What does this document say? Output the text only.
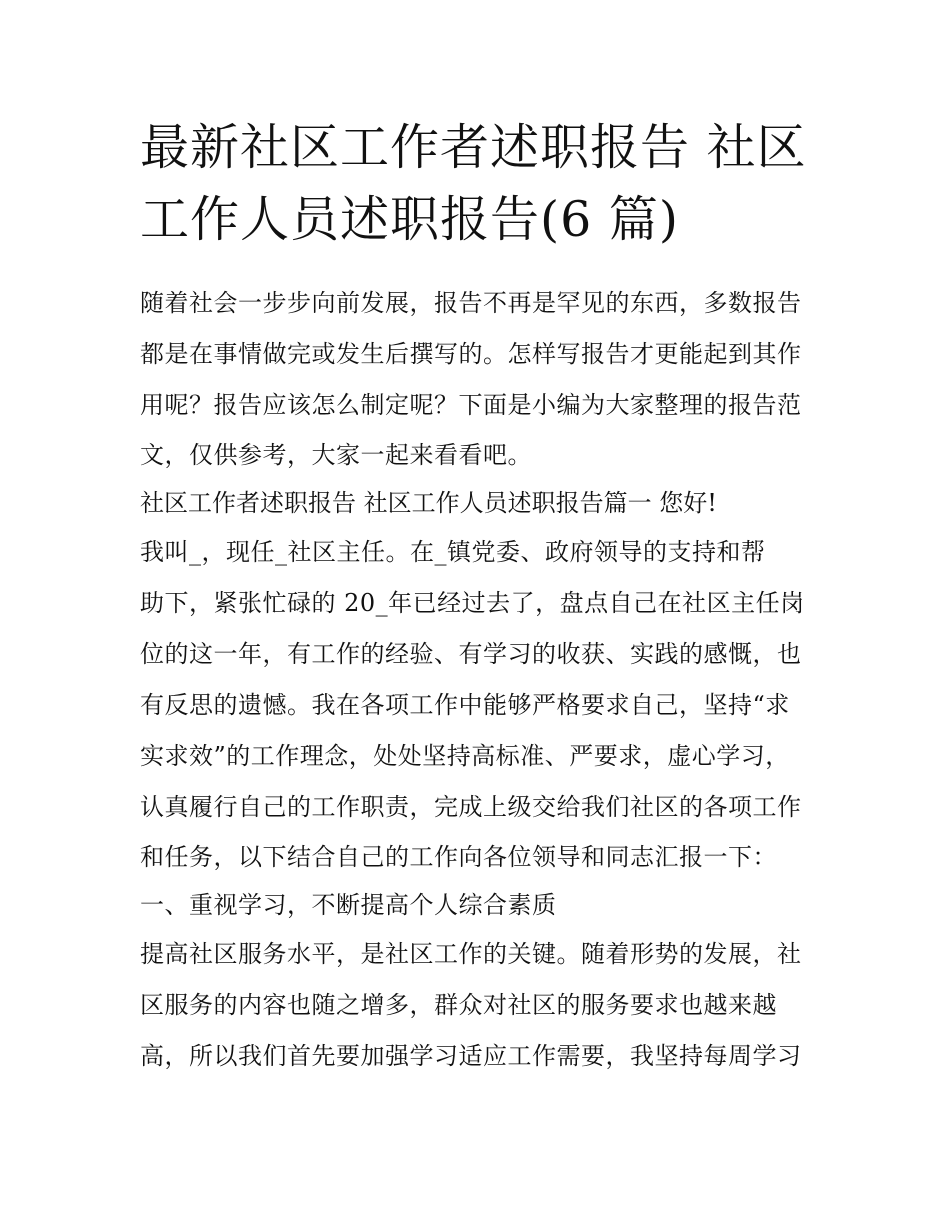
最新社区工作者述职报告 社区
工作人员述职报告(6 篇)
随着社会一步步向前发展，报告不再是罕见的东西，多数报告
都是在事情做完或发生后撰写的。怎样写报告才更能起到其作
用呢？报告应该怎么制定呢？下面是小编为大家整理的报告范
文，仅供参考，大家一起来看看吧。
社区工作者述职报告 社区工作人员述职报告篇一 您好!
我叫_，现任_社区主任。在_镇党委、政府领导的支持和帮
助下，紧张忙碌的 20_年已经过去了，盘点自己在社区主任岗
位的这一年，有工作的经验、有学习的收获、实践的感慨，也
有反思的遗憾。我在各项工作中能够严格要求自己，坚持“求
实求效”的工作理念，处处坚持高标准、严要求，虚心学习，
认真履行自己的工作职责，完成上级交给我们社区的各项工作
和任务，以下结合自己的工作向各位领导和同志汇报一下：
一、重视学习，不断提高个人综合素质
提高社区服务水平，是社区工作的关键。随着形势的发展，社
区服务的内容也随之增多，群众对社区的服务要求也越来越
高，所以我们首先要加强学习适应工作需要，我坚持每周学习
